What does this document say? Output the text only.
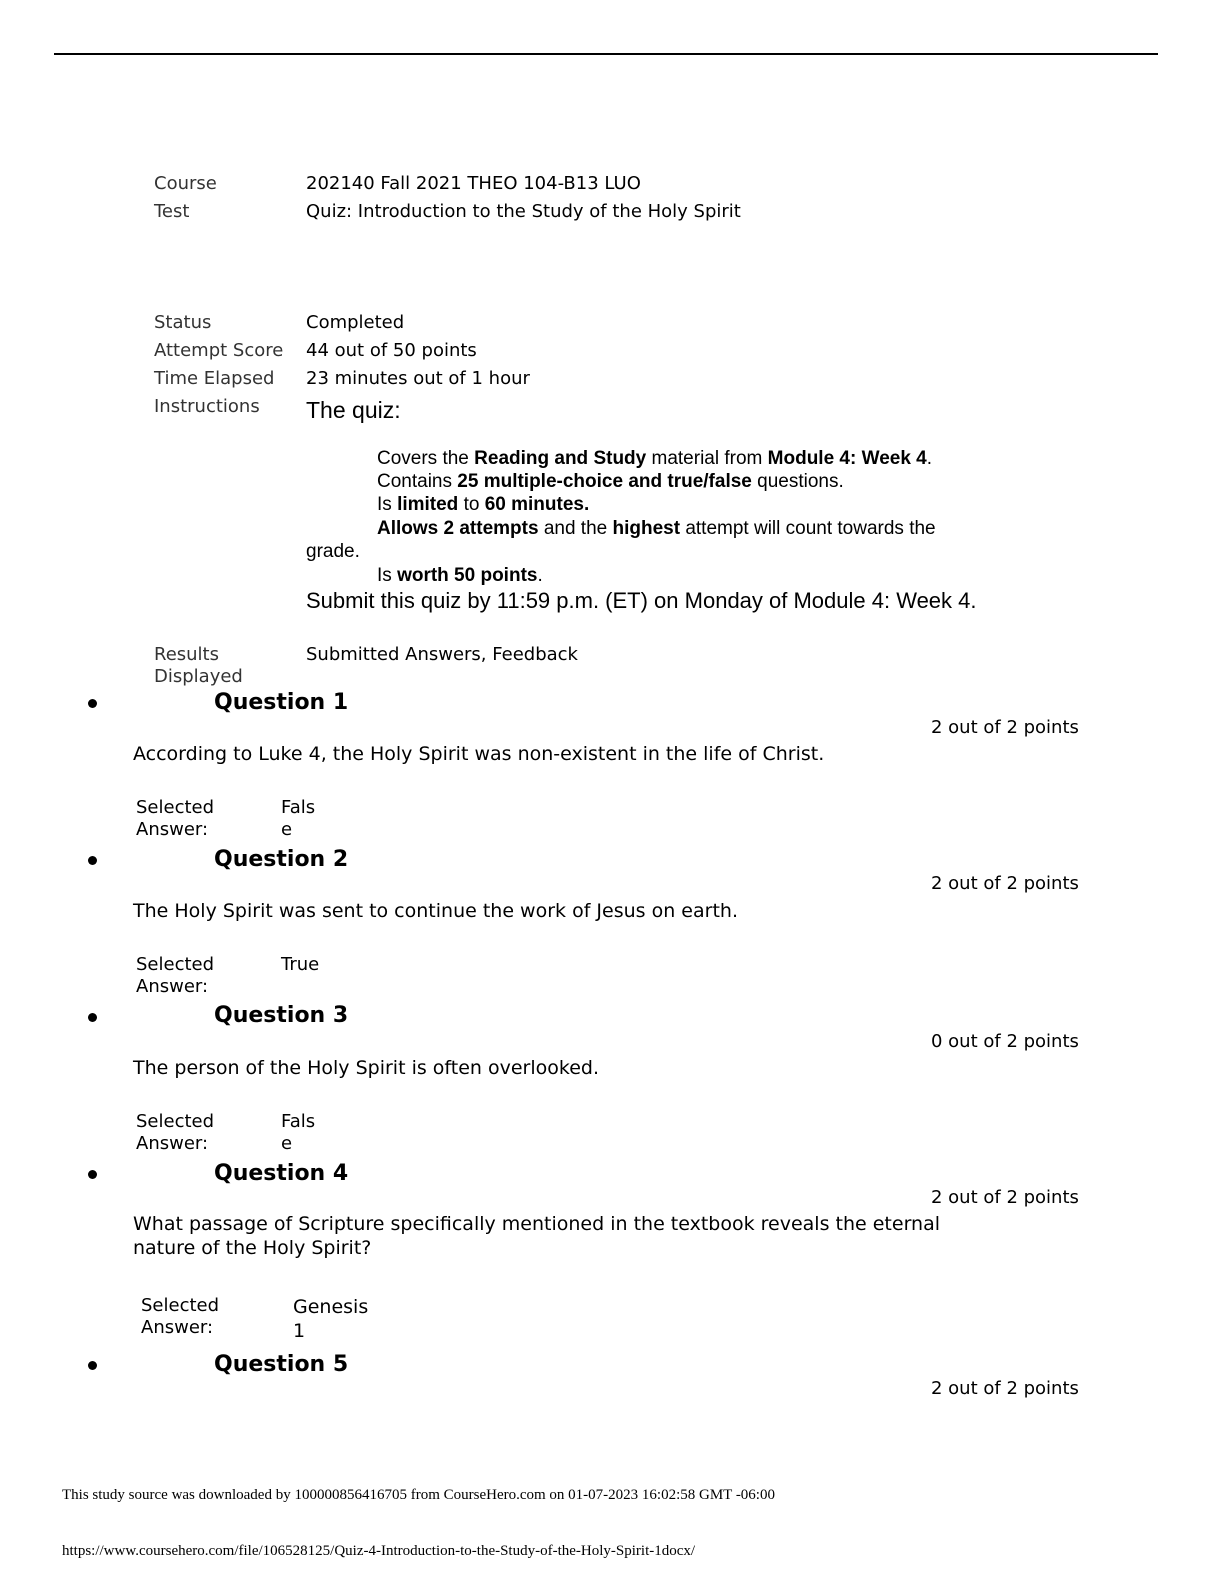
Course	202140 Fall 2021 THEO 104-B13 LUO
Test	Quiz: Introduction to the Study of the Holy Spirit
Status	Completed
Attempt Score 44 out of 50 points
Time Elapsed 23 minutes out of 1 hour
Instructions The quiz:
Covers the Reading and Study material from Module 4: Week 4.
Contains 25 multiple-choice and true/false questions.
Is limited to 60 minutes.
Allows 2 attempts and the highest attempt will count towards the
grade.
Is worth 50 points.
Submit this quiz by 11:59 p.m. (ET) on Monday of Module 4: Week 4.
Results Displayed
Submitted Answers, Feedback
Question 1
2 out of 2 points
According to Luke 4, the Holy Spirit was non-existent in the life of Christ.
Selected Answer:
False
Question 2
2 out of 2 points
The Holy Spirit was sent to continue the work of Jesus on earth.
Selected Answer:
True
Question 3
0 out of 2 points
The person of the Holy Spirit is often overlooked.
Selected Answer:
False
Question 4
2 out of 2 points
What passage of Scripture specifically mentioned in the textbook reveals the eternal nature of the Holy Spirit?
Selected Answer:
Genesis 1
Question 5
2 out of 2 points
This study source was downloaded by 100000856416705 from CourseHero.com on 01-07-2023 16:02:58 GMT -06:00
https://www.coursehero.com/file/106528125/Quiz-4-Introduction-to-the-Study-of-the-Holy-Spirit-1docx/
